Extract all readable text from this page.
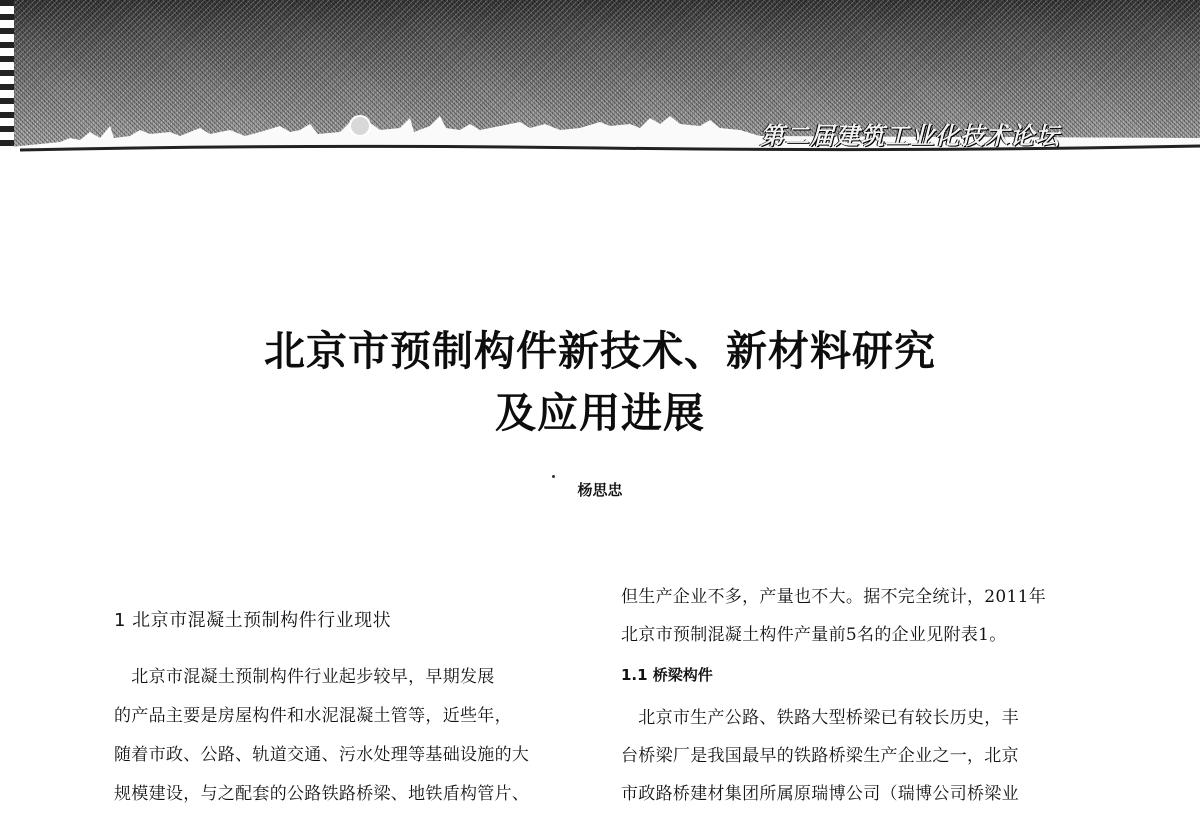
第二届建筑工业化技术论坛
北京市预制构件新技术、新材料研究
及应用进展
杨思忠
1 北京市混凝土预制构件行业现状
　北京市混凝土预制构件行业起步较早，早期发展
的产品主要是房屋构件和水泥混凝土管等，近些年，
随着市政、公路、轨道交通、污水处理等基础设施的大
规模建设，与之配套的公路铁路桥梁、地铁盾构管片、
但生产企业不多，产量也不大。据不完全统计，2011年
北京市预制混凝土构件产量前5名的企业见附表1。
1.1 桥梁构件
　北京市生产公路、铁路大型桥梁已有较长历史，丰
台桥梁厂是我国最早的铁路桥梁生产企业之一，北京
市政路桥建材集团所属原瑞博公司（瑞博公司桥梁业
